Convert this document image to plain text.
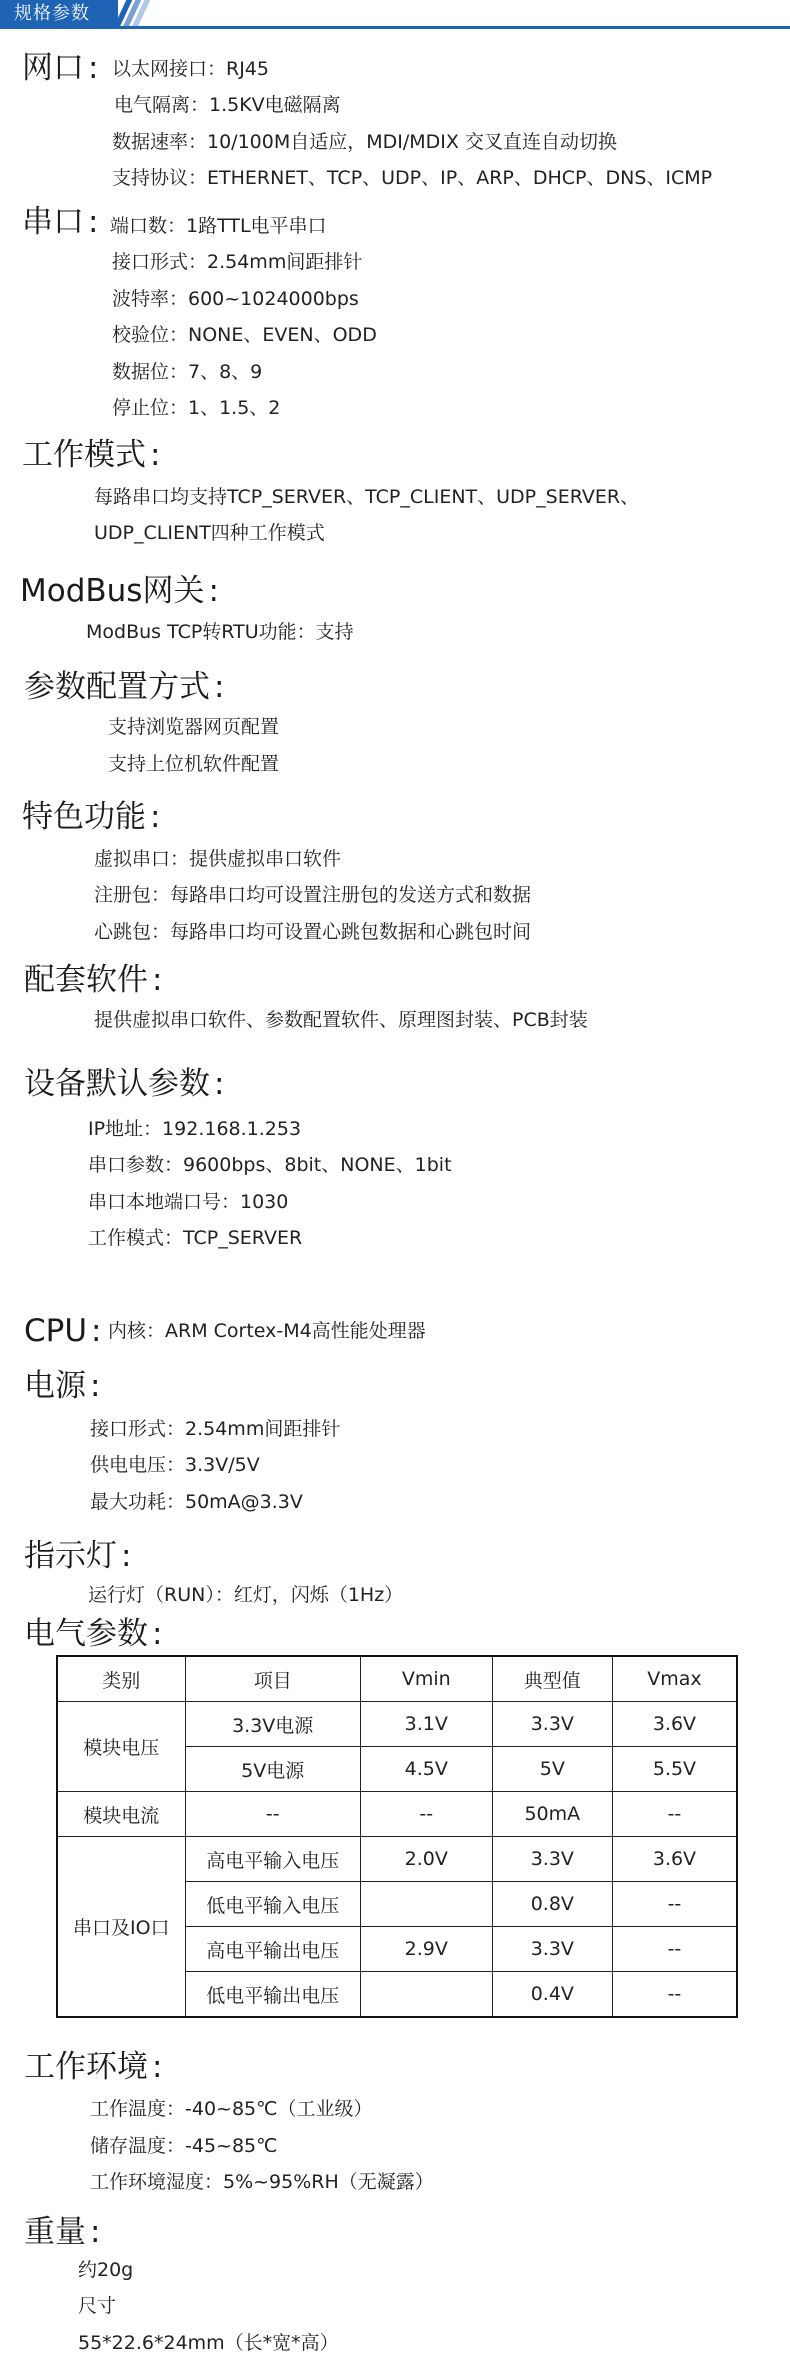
规格参数
网口 : 以太网接口：RJ45
电气隔离：1.5KV电磁隔离
数据速率：10/100M自适应，MDI/MDIX 交叉直连自动切换
支持协议：ETHERNET、TCP、UDP、IP、ARP、DHCP、DNS、ICMP
串口 : 端口数：1路TTL电平串口
接口形式：2.54mm间距排针
波特率：600~1024000bps
校验位：NONE、EVEN、ODD
数据位：7、8、9
停止位：1、1.5、2
工作模式 :
每路串口均支持TCP_SERVER、TCP_CLIENT、UDP_SERVER、
UDP_CLIENT四种工作模式
ModBus网关 :
ModBus TCP转RTU功能：支持
参数配置方式 :
支持浏览器网页配置
支持上位机软件配置
特色功能 :
虚拟串口：提供虚拟串口软件
注册包：每路串口均可设置注册包的发送方式和数据
心跳包：每路串口均可设置心跳包数据和心跳包时间
配套软件 :
提供虚拟串口软件、参数配置软件、原理图封装、PCB封装
设备默认参数 :
IP地址：192.168.1.253
串口参数：9600bps、8bit、NONE、1bit
串口本地端口号：1030
工作模式：TCP_SERVER
CPU : 内核：ARM Cortex-M4高性能处理器
电源 :
接口形式：2.54mm间距排针
供电电压：3.3V/5V
最大功耗：50mA@3.3V
指示灯 :
运行灯（RUN）：红灯，闪烁（1Hz）
电气参数 :
类别	项目	Vmin	典型值	Vmax
模块电压	3.3V电源	3.1V	3.3V	3.6V
	5V电源	4.5V	5V	5.5V
模块电流	--	--	50mA	--
串口及IO口	高电平输入电压	2.0V	3.3V	3.6V
	低电平输入电压		0.8V	--
	高电平输出电压	2.9V	3.3V	--
	低电平输出电压		0.4V	--
工作环境 :
工作温度：-40~85℃（工业级）
储存温度：-45~85℃
工作环境湿度：5%~95%RH（无凝露）
重量 :
约20g
尺寸
55*22.6*24mm（长*宽*高）
